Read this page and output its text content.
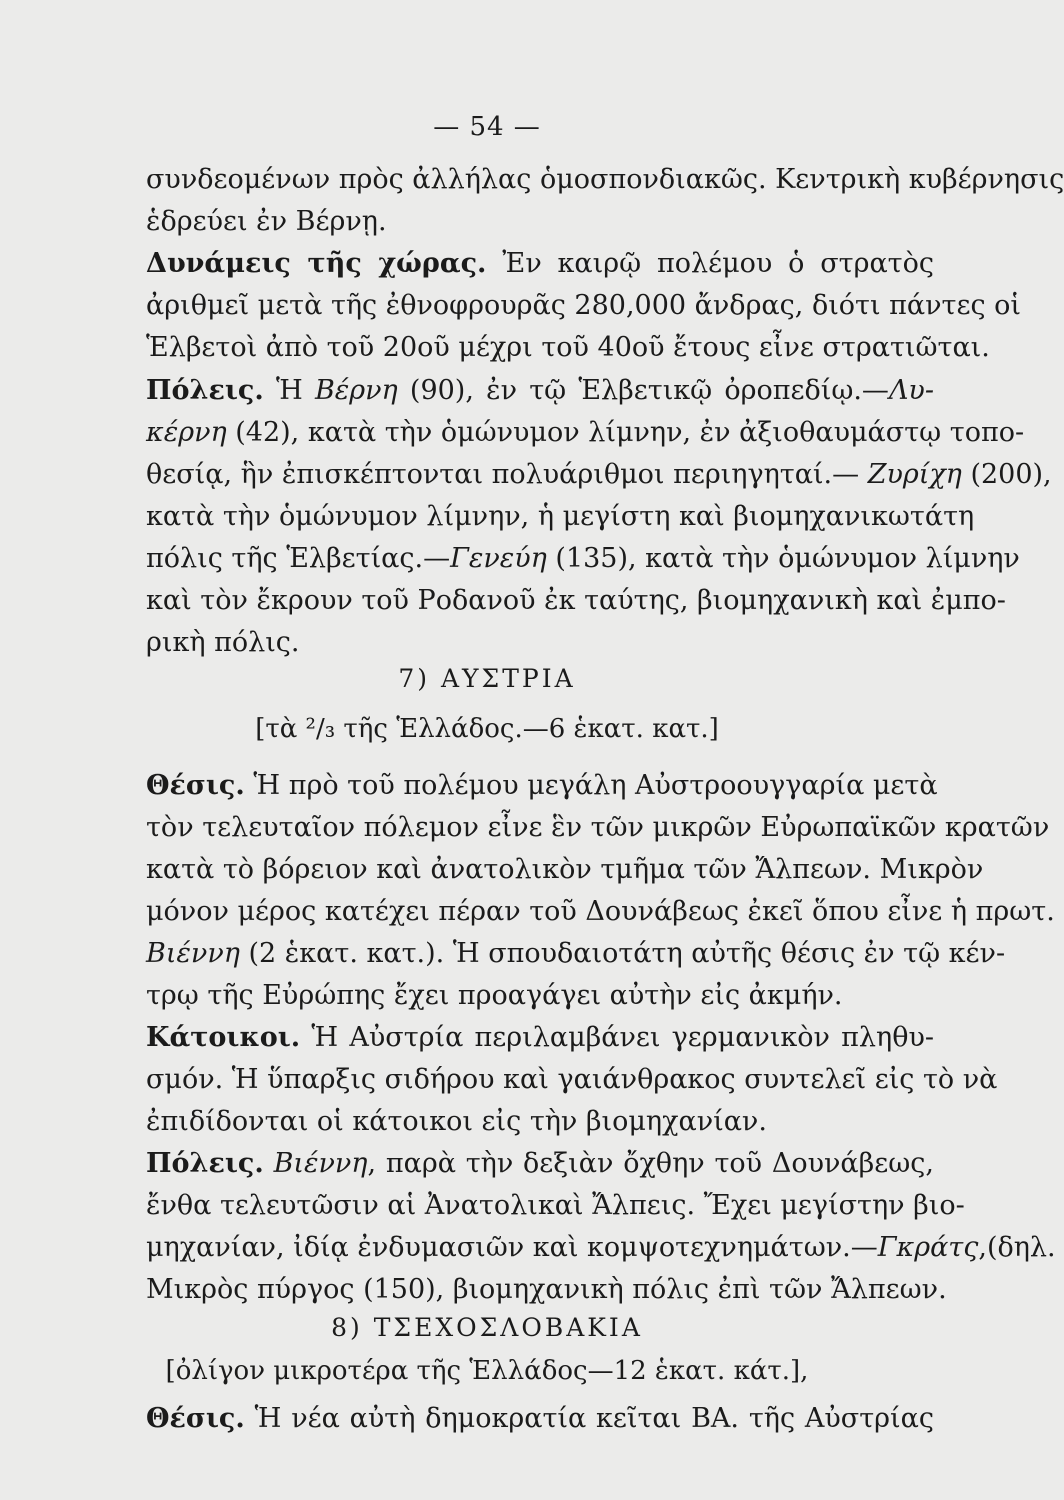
— 54 —
συνδεομένων πρὸς ἀλλήλας ὁμοσπονδιακῶς. Κεντρικὴ κυβέρνησις
ἑδρεύει ἐν Βέρνῃ.
Δυνάμεις τῆς χώρας. Ἐν καιρῷ πολέμου ὁ στρατὸς
ἀριθμεῖ μετὰ τῆς ἐθνοφρουρᾶς 280,000 ἄνδρας, διότι πάντες οἱ
Ἑλβετοὶ ἀπὸ τοῦ 20οῦ μέχρι τοῦ 40οῦ ἔτους εἶνε στρατιῶται.
Πόλεις. Ἡ Βέρνη (90), ἐν τῷ Ἑλβετικῷ ὀροπεδίῳ.—Λυ-
κέρνη (42), κατὰ τὴν ὁμώνυμον λίμνην, ἐν ἀξιοθαυμάστῳ τοπο-
θεσίᾳ, ἣν ἐπισκέπτονται πολυάριθμοι περιηγηταί.— Ζυρίχη (200),
κατὰ τὴν ὁμώνυμον λίμνην, ἡ μεγίστη καὶ βιομηχανικωτάτη
πόλις τῆς Ἑλβετίας.—Γενεύη (135), κατὰ τὴν ὁμώνυμον λίμνην
καὶ τὸν ἔκρουν τοῦ Ροδανοῦ ἐκ ταύτης, βιομηχανικὴ καὶ ἐμπο-
ρικὴ πόλις.
7) ΑΥΣΤΡΙΑ
[τὰ ²/₃ τῆς Ἑλλάδος.—6 ἑκατ. κατ.]
Θέσις. Ἡ πρὸ τοῦ πολέμου μεγάλη Αὐστροουγγαρία μετὰ
τὸν τελευταῖον πόλεμον εἶνε ἓν τῶν μικρῶν Εὐρωπαϊκῶν κρατῶν
κατὰ τὸ βόρειον καὶ ἀνατολικὸν τμῆμα τῶν Ἄλπεων. Μικρὸν
μόνον μέρος κατέχει πέραν τοῦ Δουνάβεως ἐκεῖ ὅπου εἶνε ἡ πρωτ.
Βιέννη (2 ἑκατ. κατ.). Ἡ σπουδαιοτάτη αὐτῆς θέσις ἐν τῷ κέν-
τρῳ τῆς Εὐρώπης ἔχει προαγάγει αὐτὴν εἰς ἀκμήν.
Κάτοικοι. Ἡ Αὐστρία περιλαμβάνει γερμανικὸν πληθυ-
σμόν. Ἡ ὕπαρξις σιδήρου καὶ γαιάνθρακος συντελεῖ εἰς τὸ νὰ
ἐπιδίδονται οἱ κάτοικοι εἰς τὴν βιομηχανίαν.
Πόλεις. Βιέννη, παρὰ τὴν δεξιὰν ὄχθην τοῦ Δουνάβεως,
ἔνθα τελευτῶσιν αἱ Ἀνατολικαὶ Ἄλπεις. Ἔχει μεγίστην βιο-
μηχανίαν, ἰδίᾳ ἐνδυμασιῶν καὶ κομψοτεχνημάτων.—Γκράτς,(δηλ.
Μικρὸς πύργος (150), βιομηχανικὴ πόλις ἐπὶ τῶν Ἄλπεων.
8) ΤΣΕΧΟΣΛΟΒΑΚΙΑ
[ὀλίγον μικροτέρα τῆς Ἑλλάδος—12 ἑκατ. κάτ.],
Θέσις. Ἡ νέα αὐτὴ δημοκρατία κεῖται ΒΑ. τῆς Αὐστρίας
